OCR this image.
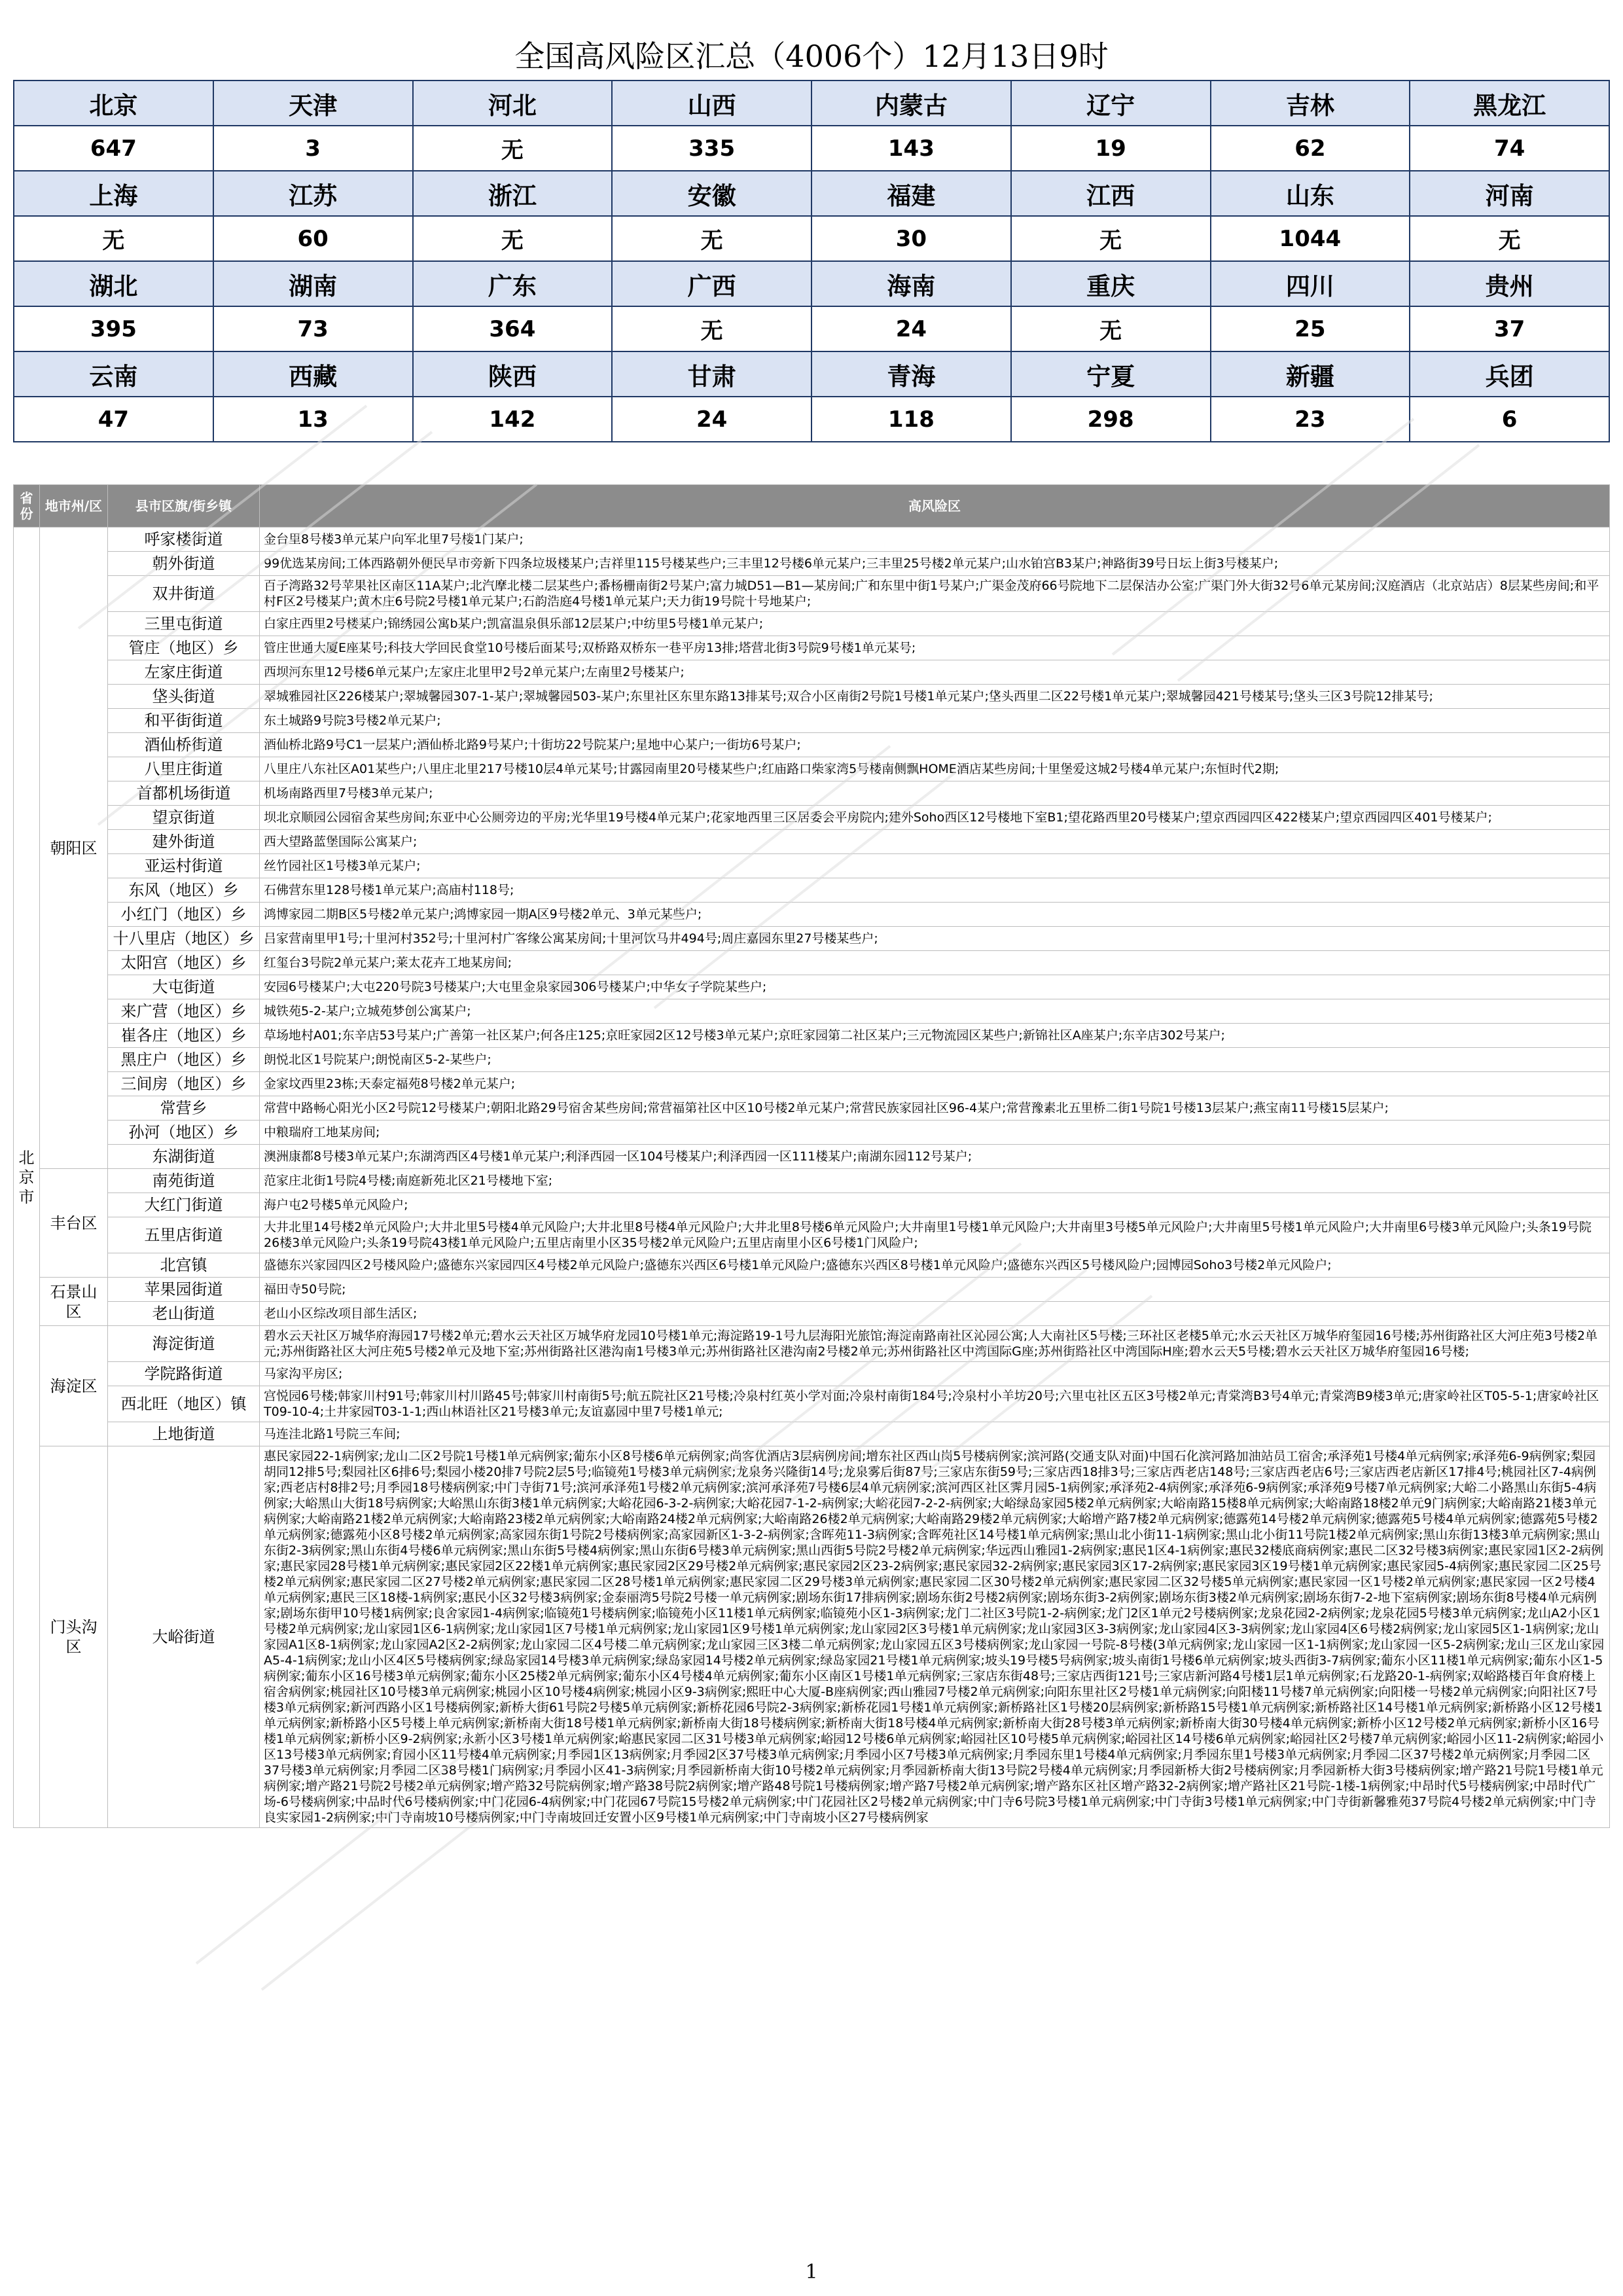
全国高风险区汇总（4006个）12月13日9时
北京	天津	河北	山西	内蒙古	辽宁	吉林	黑龙江
647	3	无	335	143	19	62	74
上海	江苏	浙江	安徽	福建	江西	山东	河南
无	60	无	无	30	无	1044	无
湖北	湖南	广东	广西	海南	重庆	四川	贵州
395	73	364	无	24	无	25	37
云南	西藏	陕西	甘肃	青海	宁夏	新疆	兵团
47	13	142	24	118	298	23	6
省份	地市州/区	县市区旗/街乡镇	高风险区
北京市	朝阳区	呼家楼街道	金台里8号楼3单元某户向军北里7号楼1门某户;
		朝外街道	99优选某房间;工体西路朝外便民早市旁新下四条垃圾楼某户;吉祥里115号楼某些户;三丰里12号楼6单元某户;三丰里25号楼2单元某户;山水铂宫B3某户;神路街39号日坛上街3号楼某户;
		双井街道	百子湾路32号苹果社区南区11A某户;北汽摩北楼二层某些户;番杨栅南街2号某户;富力城D51—B1—某房间;广和东里中街1号某户;广渠金茂府66号院地下二层保洁办公室;广渠门外大街32号6单元某房间;汉庭酒店（北京站店）8层某些房间;和平村F区2号楼某户;黄木庄6号院2号楼1单元某户;石韵浩庭4号楼1单元某户;天力街19号院十号地某户;
		三里屯街道	白家庄西里2号楼某户;锦绣园公寓b某户;凯富温泉俱乐部12层某户;中纺里5号楼1单元某户;
		管庄（地区）乡	管庄世通大厦E座某号;科技大学回民食堂10号楼后面某号;双桥路双桥东一巷平房13排;塔营北街3号院9号楼1单元某号;
		左家庄街道	西坝河东里12号楼6单元某户;左家庄北里甲2号2单元某户;左南里2号楼某户;
		垡头街道	翠城雅园社区226楼某户;翠城馨园307-1-某户;翠城馨园503-某户;东里社区东里东路13排某号;双合小区南街2号院1号楼1单元某户;垡头西里二区22号楼1单元某户;翠城馨园421号楼某号;垡头三区3号院12排某号;
		和平街街道	东土城路9号院3号楼2单元某户;
		酒仙桥街道	酒仙桥北路9号C1一层某户;酒仙桥北路9号某户;十街坊22号院某户;星地中心某户;一街坊6号某户;
		八里庄街道	八里庄八东社区A01某些户;八里庄北里217号楼10层4单元某号;甘露园南里20号楼某些户;红庙路口柴家湾5号楼南侧飘HOME酒店某些房间;十里堡爱这城2号楼4单元某户;东恒时代2期;
		首都机场街道	机场南路西里7号楼3单元某户;
		望京街道	坝北京顺园公园宿舍某些房间;东亚中心公厕旁边的平房;光华里19号楼4单元某户;花家地西里三区居委会平房院内;建外Soho西区12号楼地下室B1;望花路西里20号楼某户;望京西园四区422楼某户;望京西园四区401号楼某户;
		建外街道	西大望路蓝堡国际公寓某户;
		亚运村街道	丝竹园社区1号楼3单元某户;
		东风（地区）乡	石佛营东里128号楼1单元某户;高庙村118号;
		小红门（地区）乡	鸿博家园二期B区5号楼2单元某户;鸿博家园一期A区9号楼2单元、3单元某些户;
		十八里店（地区）乡	吕家营南里甲1号;十里河村352号;十里河村广客缘公寓某房间;十里河饮马井494号;周庄嘉园东里27号楼某些户;
		太阳宫（地区）乡	红玺台3号院2单元某户;莱太花卉工地某房间;
		大屯街道	安园6号楼某户;大屯220号院3号楼某户;大屯里金泉家园306号楼某户;中华女子学院某些户;
		来广营（地区）乡	城铁苑5-2-某户;立城苑梦创公寓某户;
		崔各庄（地区）乡	草场地村A01;东辛店53号某户;广善第一社区某户;何各庄125;京旺家园2区12号楼3单元某户;京旺家园第二社区某户;三元物流园区某些户;新锦社区A座某户;东辛店302号某户;
		黑庄户（地区）乡	朗悦北区1号院某户;朗悦南区5-2-某些户;
		三间房（地区）乡	金家坟西里23栋;天泰定福苑8号楼2单元某户;
		常营乡	常营中路畅心阳光小区2号院12号楼某户;朝阳北路29号宿舍某些房间;常营福第社区中区10号楼2单元某户;常营民族家园社区96-4某户;常营豫素北五里桥二街1号院1号楼13层某户;燕宝南11号楼15层某户;
		孙河（地区）乡	中粮瑞府工地某房间;
		东湖街道	澳洲康都8号楼3单元某户;东湖湾西区4号楼1单元某户;利泽西园一区104号楼某户;利泽西园一区111楼某户;南湖东园112号某户;
	丰台区	南苑街道	范家庄北街1号院4号楼;南庭新苑北区21号楼地下室;
		大红门街道	海户屯2号楼5单元风险户;
		五里店街道	大井北里14号楼2单元风险户;大井北里5号楼4单元风险户;大井北里8号楼4单元风险户;大井北里8号楼6单元风险户;大井南里1号楼1单元风险户;大井南里3号楼5单元风险户;大井南里5号楼1单元风险户;大井南里6号楼3单元风险户;头条19号院26楼3单元风险户;头条19号院43楼1单元风险户;五里店南里小区35号楼2单元风险户;五里店南里小区6号楼1门风险户;
		北宫镇	盛德东兴家园四区2号楼风险户;盛德东兴家园四区4号楼2单元风险户;盛德东兴西区6号楼1单元风险户;盛德东兴西区8号楼1单元风险户;盛德东兴西区5号楼风险户;园博园Soho3号楼2单元风险户;
	石景山区	苹果园街道	福田寺50号院;
		老山街道	老山小区综改项目部生活区;
	海淀区	海淀街道	碧水云天社区万城华府海园17号楼2单元;碧水云天社区万城华府龙园10号楼1单元;海淀路19-1号九层海阳光旅馆;海淀南路南社区沁园公寓;人大南社区5号楼;三环社区老楼5单元;水云天社区万城华府玺园16号楼;苏州街路社区大河庄苑3号楼2单元;苏州街路社区大河庄苑5号楼2单元及地下室;苏州街路社区港沟南1号楼3单元;苏州街路社区港沟南2号楼2单元;苏州街路社区中湾国际G座;苏州街路社区中湾国际H座;碧水云天5号楼;碧水云天社区万城华府玺园16号楼;
		学院路街道	马家沟平房区;
		西北旺（地区）镇	宫悦园6号楼;韩家川村91号;韩家川村川路45号;韩家川村南街5号;航五院社区21号楼;冷泉村红英小学对面;冷泉村南街184号;冷泉村小羊坊20号;六里屯社区五区3号楼2单元;青棠湾B3号4单元;青棠湾B9楼3单元;唐家岭社区T05-5-1;唐家岭社区T09-10-4;土井家园T03-1-1;西山林语社区21号楼3单元;友谊嘉园中里7号楼1单元;
		上地街道	马连洼北路1号院三车间;
	门头沟区	大峪街道	惠民家园22-1病例家;龙山二区2号院1号楼1单元病例家;葡东小区8号楼6单元病例家;尚客优酒店3层病例房间;增东社区西山岗5号楼病例家;滨河路(交通支队对面)中国石化滨河路加油站员工宿舍;承泽苑1号楼4单元病例家;承泽苑6-9病例家;梨园胡同12排5号;梨园社区6排6号;梨园小楼20排7号院2层5号;临镜苑1号楼3单元病例家;龙泉务兴隆街14号;龙泉雾后街87号;三家店东街59号;三家店西18排3号;三家店西老店148号;三家店西老店6号;三家店西老店新区17排4号;桃园社区7-4病例家;西老店村8排2号;月季园18号楼病例家;中门寺街71号;滨河承泽苑1号楼2单元病例家;滨河承泽苑7号楼6层4单元病例家;滨河西区社区霁月园5-1病例家;承泽苑2-4病例家;承泽苑6-9病例家;承泽苑9号楼7单元病例家;大峪二小路黑山东街5-4病例家;大峪黑山大街18号病例家;大峪黑山东街3楼1单元病例家;大峪花园6-3-2-病例家;大峪花园7-1-2-病例家;大峪花园7-2-2-病例家;大峪绿岛家园5楼2单元病例家;大峪南路15楼8单元病例家;大峪南路18楼2单元9门病例家;大峪南路21楼3单元病例家;大峪南路21楼2单元病例家;大峪南路23楼2单元病例家;大峪南路24楼2单元病例家;大峪南路26楼2单元病例家;大峪南路29楼2单元病例家;大峪增产路7楼2单元病例家;德露苑14号楼2单元病例家;德露苑5号楼4单元病例家;德露苑5号楼2单元病例家;德露苑小区8号楼2单元病例家;高家园东街1号院2号楼病例家;高家园新区1-3-2-病例家;含晖苑11-3病例家;含晖苑社区14号楼1单元病例家;黑山北小街11-1病例家;黑山北小街11号院1楼2单元病例家;黑山东街13楼3单元病例家;黑山东街2-3病例家;黑山东街4号楼6单元病例家;黑山东街5号楼4病例家;黑山东街6号楼3单元病例家;黑山西街5号院2号楼2单元病例家;华远西山雅园1-2病例家;惠民1区4-1病例家;惠民32楼底商病例家;惠民二区32号楼3病例家;惠民家园1区2-2病例家;惠民家园28号楼1单元病例家;惠民家园2区22楼1单元病例家;惠民家园2区29号楼2单元病例家;惠民家园2区23-2病例家;惠民家园32-2病例家;惠民家园3区17-2病例家;惠民家园3区19号楼1单元病例家;惠民家园5-4病例家;惠民家园二区25号楼2单元病例家;惠民家园二区27号楼2单元病例家;惠民家园二区28号楼1单元病例家;惠民家园二区29号楼3单元病例家;惠民家园二区30号楼2单元病例家;惠民家园二区32号楼5单元病例家;惠民家园一区1号楼2单元病例家;惠民家园一区2号楼4单元病例家;惠民三区18楼-1病例家;惠民小区32号楼3病例家;金泰丽湾5号院2号楼一单元病例家;剧场东街17排病例家;剧场东街2号楼2病例家;剧场东街3-2病例家;剧场东街3楼2单元病例家;剧场东街7-2-地下室病例家;剧场东街8号楼4单元病例家;剧场东街甲10号楼1病例家;良舍家园1-4病例家;临镜苑1号楼病例家;临镜苑小区11楼1单元病例家;临镜苑小区1-3病例家;龙门二社区3号院1-2-病例家;龙门2区1单元2号楼病例家;龙泉花园2-2病例家;龙泉花园5号楼3单元病例家;龙山A2小区1号楼2单元病例家;龙山家园1区6-1病例家;龙山家园1区7号楼1单元病例家;龙山家园1区9号楼1单元病例家;龙山家园2区3号楼1单元病例家;龙山家园3区3-3病例家;龙山家园4区3-3病例家;龙山家园4区6号楼2病例家;龙山家园5区1-1病例家;龙山家园A1区8-1病例家;龙山家园A2区2-2病例家;龙山家园二区4号楼二单元病例家;龙山家园三区3楼二单元病例家;龙山家园五区3号楼病例家;龙山家园一号院-8号楼(3单元病例家;龙山家园一区1-1病例家;龙山家园一区5-2病例家;龙山三区龙山家园A5-4-1病例家;龙山小区4区5号楼病例家;绿岛家园14号楼3单元病例家;绿岛家园14号楼2单元病例家;绿岛家园21号楼1单元病例家;坡头19号楼5号病例家;坡头南街1号楼6单元病例家;坡头西街3-7病例家;葡东小区11楼1单元病例家;葡东小区1-5病例家;葡东小区16号楼3单元病例家;葡东小区25楼2单元病例家;葡东小区4号楼4单元病例家;葡东小区南区1号楼1单元病例家;三家店东街48号;三家店西街121号;三家店新河路4号楼1层1单元病例家;石龙路20-1-病例家;双峪路楼百年食府楼上宿舍病例家;桃园社区10号楼3单元病例家;桃园小区10号楼4病例家;桃园小区9-3病例家;熙旺中心大厦-B座病例家;西山雅园7号楼2单元病例家;向阳东里社区2号楼1单元病例家;向阳楼11号楼7单元病例家;向阳楼一号楼2单元病例家;向阳社区7号楼3单元病例家;新河西路小区1号楼病例家;新桥大街61号院2号楼5单元病例家;新桥花园6号院2-3病例家;新桥花园1号楼1单元病例家;新桥路社区1号楼20层病例家;新桥路15号楼1单元病例家;新桥路社区14号楼1单元病例家;新桥路小区12号楼1单元病例家;新桥路小区5号楼上单元病例家;新桥南大街18号楼1单元病例家;新桥南大街18号楼病例家;新桥南大街18号楼4单元病例家;新桥南大街28号楼3单元病例家;新桥南大街30号楼4单元病例家;新桥小区12号楼2单元病例家;新桥小区16号楼1单元病例家;新桥小区9-2病例家;永新小区3号楼1单元病例家;峪惠民家园二区31号楼3单元病例家;峪园12号楼6单元病例家;峪园社区10号楼5单元病例家;峪园社区14号楼6单元病例家;峪园社区2号楼7单元病例家;峪园小区11-2病例家;峪园小区13号楼3单元病例家;育园小区11号楼4单元病例家;月季园1区13病例家;月季园2区37号楼3单元病例家;月季园小区7号楼3单元病例家;月季园东里1号楼4单元病例家;月季园东里1号楼3单元病例家;月季园二区37号楼2单元病例家;月季园二区37号楼3单元病例家;月季园二区38号楼1门病例家;月季园小区41-3病例家;月季园新桥南大街10号楼2单元病例家;月季园新桥南大街13号院2号楼4单元病例家;月季园新桥大街2号楼病例家;月季园新桥大街3号楼病例家;增产路21号院1号楼1单元病例家;增产路21号院2号楼2单元病例家;增产路32号院病例家;增产路38号院2病例家;增产路48号院1号楼病例家;增产路7号楼2单元病例家;增产路东区社区增产路32-2病例家;增产路社区21号院-1楼-1病例家;中昂时代5号楼病例家;中昂时代广场-6号楼病例家;中品时代6号楼病例家;中门花园6-4病例家;中门花园67号院15号楼2单元病例家;中门花园社区2号楼2单元病例家;中门寺6号院3号楼1单元病例家;中门寺街3号楼1单元病例家;中门寺街新馨雅苑37号院4号楼2单元病例家;中门寺良实家园1-2病例家;中门寺南坡10号楼病例家;中门寺南坡回迁安置小区9号楼1单元病例家;中门寺南坡小区27号楼病例家
1
